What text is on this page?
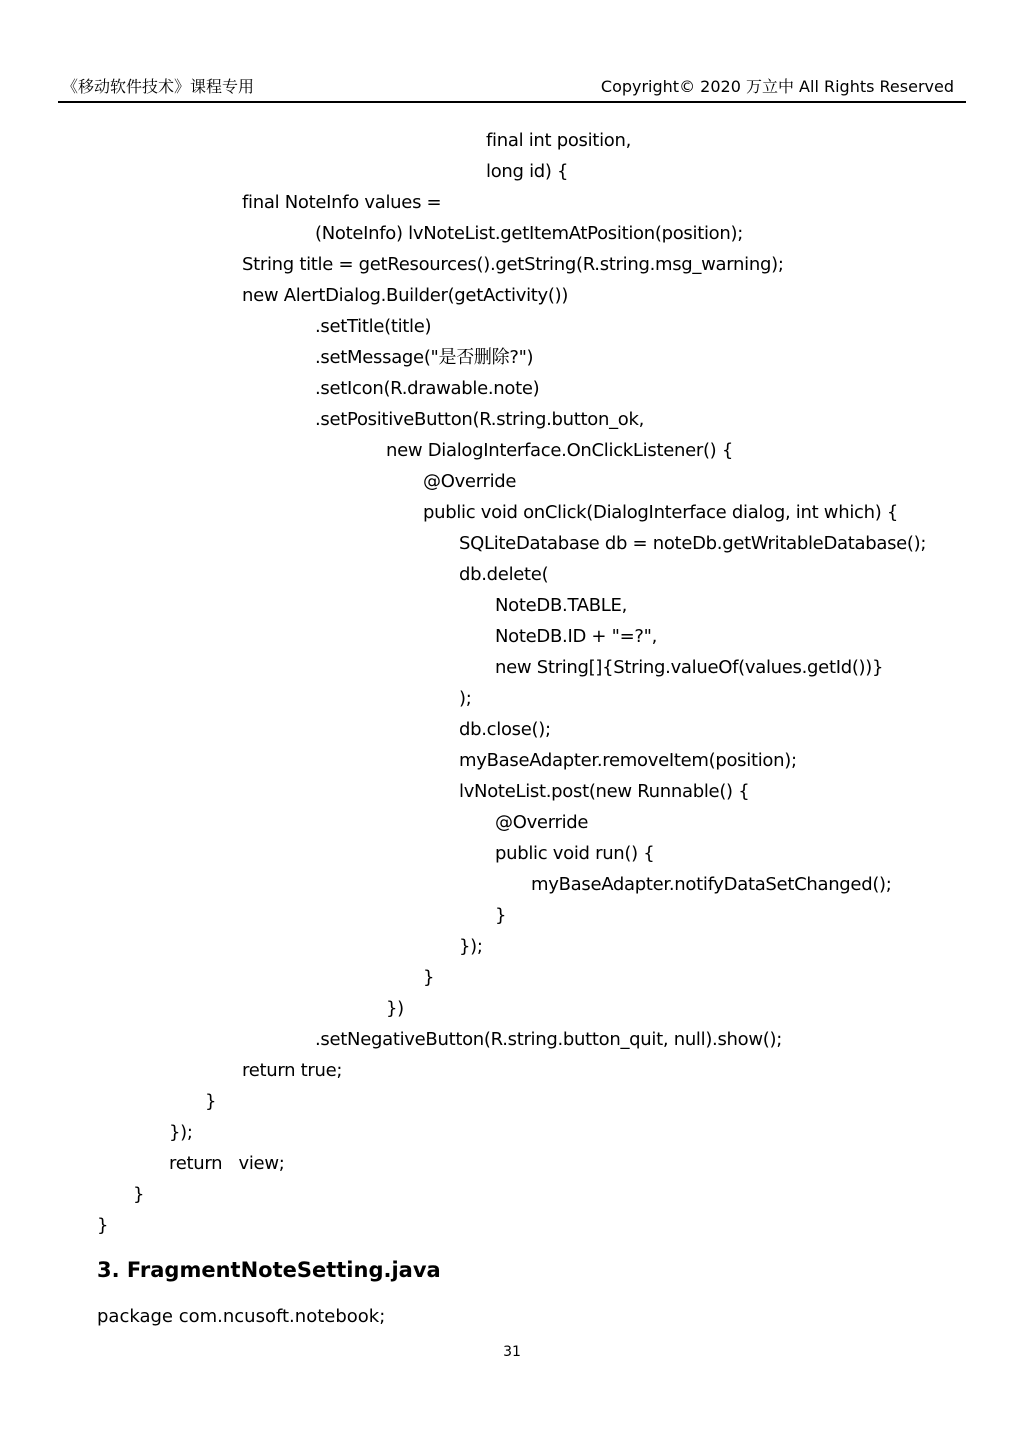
《移动软件技术》课程专用	Copyright© 2020 万立中 All Rights Reserved
final int position,
long id) {
final NoteInfo values =
(NoteInfo) lvNoteList.getItemAtPosition(position);
String title = getResources().getString(R.string.msg_warning);
new AlertDialog.Builder(getActivity())
.setTitle(title)
.setMessage("是否删除?")
.setIcon(R.drawable.note)
.setPositiveButton(R.string.button_ok,
new DialogInterface.OnClickListener() {
@Override
public void onClick(DialogInterface dialog, int which) {
SQLiteDatabase db = noteDb.getWritableDatabase();
db.delete(
NoteDB.TABLE,
NoteDB.ID + "=?",
new String[]{String.valueOf(values.getId())}
);
db.close();
myBaseAdapter.removeItem(position);
lvNoteList.post(new Runnable() {
@Override
public void run() {
myBaseAdapter.notifyDataSetChanged();
}
});
}
})
.setNegativeButton(R.string.button_quit, null).show();
return true;
}
});
return   view;
}
}
3. FragmentNoteSetting.java
package com.ncusoft.notebook;
31
